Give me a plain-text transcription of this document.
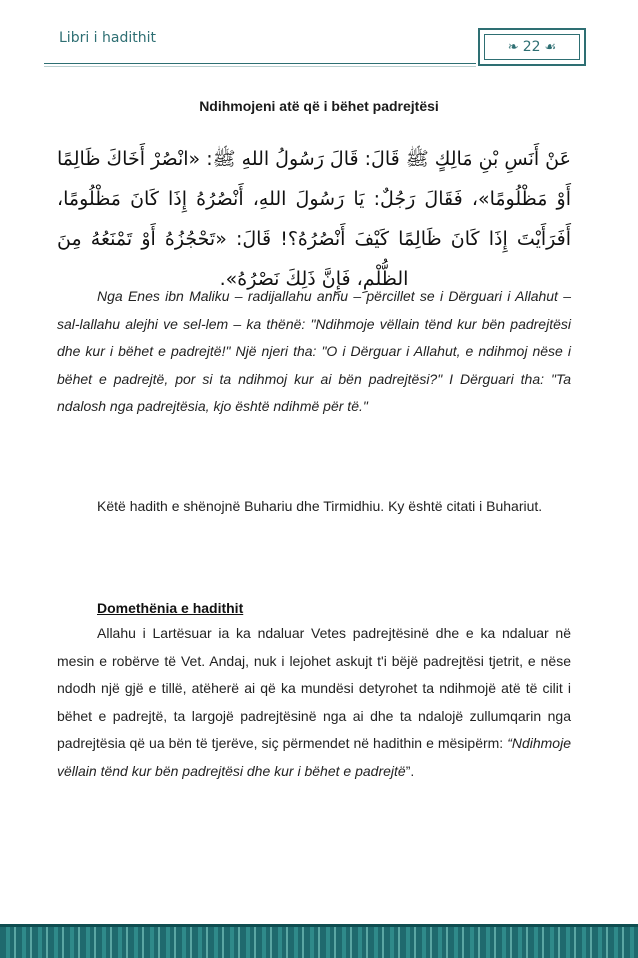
Libri i hadithit
❧ 22 ☙
Ndihmojeni atë që i bëhet padrejtësi
عَنْ أَنَسِ بْنِ مَالِكٍ ﷺ قَالَ: قَالَ رَسُولُ اللهِ ﷺ: «انْصُرْ أَخَاكَ ظَالِمًا أَوْ مَظْلُومًا»، فَقَالَ رَجُلٌ: يَا رَسُولَ اللهِ، أَنْصُرُهُ إِذَا كَانَ مَظْلُومًا، أَفَرَأَيْتَ إِذَا كَانَ ظَالِمًا كَيْفَ أَنْصُرُهُ؟! قَالَ: «تَحْجُزُهُ أَوْ تَمْنَعُهُ مِنَ الظُّلْمِ، فَإِنَّ ذَلِكَ نَصْرُهُ».
Nga Enes ibn Maliku – radijallahu anhu – përcillet se i Dërguari i Allahut – sal-lallahu alejhi ve sel-lem – ka thënë: "Ndihmoje vëllain tënd kur bën padrejtësi dhe kur i bëhet e padrejtë!" Një njeri tha: "O i Dërguar i Allahut, e ndihmoj nëse i bëhet e padrejtë, por si ta ndihmoj kur ai bën padrejtësi?" I Dërguari tha: "Ta ndalosh nga padrejtësia, kjo është ndihmë për të."
Këtë hadith e shënojnë Buhariu dhe Tirmidhiu. Ky është citati i Buhariut.
Domethënia e hadithit
Allahu i Lartësuar ia ka ndaluar Vetes padrejtësinë dhe e ka ndaluar në mesin e robërve të Vet. Andaj, nuk i lejohet askujt t'i bëjë padrejtësi tjetrit, e nëse ndodh një gjë e tillë, atëherë ai që ka mundësi detyrohet ta ndihmojë atë të cilit i bëhet e padrejtë, ta largojë padrejtësinë nga ai dhe ta ndalojë zullumqarin nga padrejtësia që ua bën të tjerëve, siç përmendet në hadithin e mësipërm: “Ndihmoje vëllain tënd kur bën padrejtësi dhe kur i bëhet e padrejtë”.
